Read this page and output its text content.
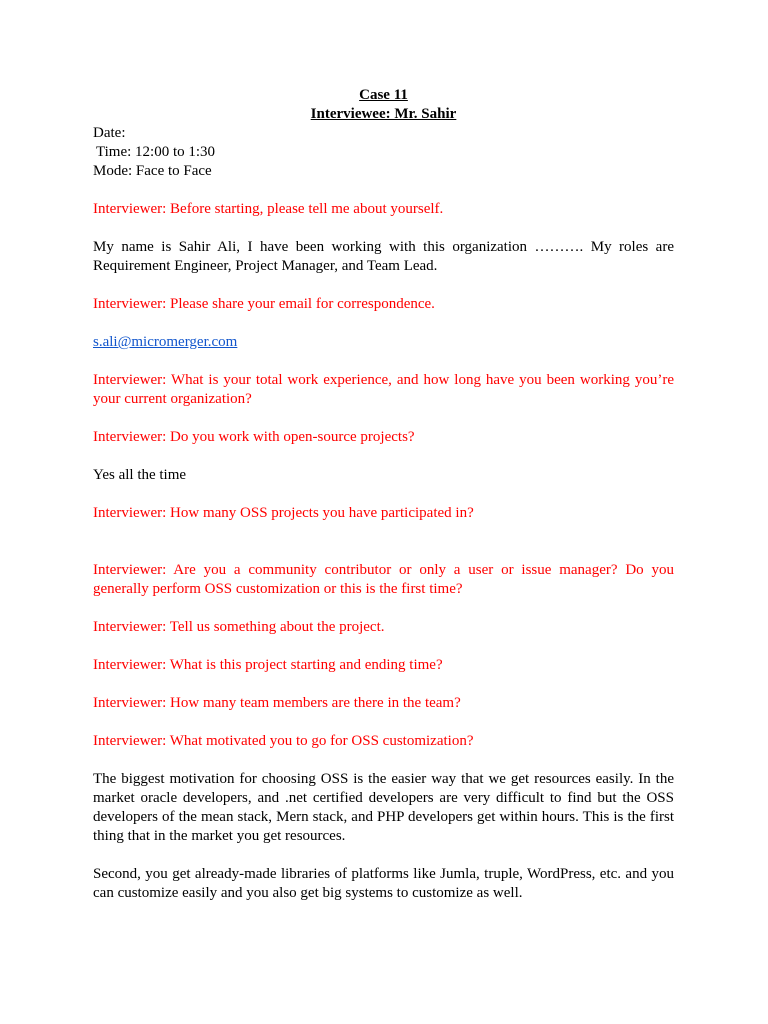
Case 11

Interviewee: Mr. Sahir

Date:

Time: 12:00 to 1:30

Mode: Face to Face

Interviewer: Before starting, please tell me about yourself.

My name is Sahir Ali, I have been working with this organization ………. My roles are Requirement Engineer, Project Manager, and Team Lead.

Interviewer: Please share your email for correspondence.

s.ali@micromerger.com

Interviewer: What is your total work experience, and how long have you been working you’re your current organization?

Interviewer: Do you work with open-source projects?

Yes all the time

Interviewer: How many OSS projects you have participated in?

Interviewer: Are you a community contributor or only a user or issue manager? Do you generally perform OSS customization or this is the first time?

Interviewer: Tell us something about the project.

Interviewer: What is this project starting and ending time?

Interviewer: How many team members are there in the team?

Interviewer: What motivated you to go for OSS customization?

The biggest motivation for choosing OSS is the easier way that we get resources easily. In the market oracle developers, and .net certified developers are very difficult to find but the OSS developers of the mean stack, Mern stack, and PHP developers get within hours. This is the first thing that in the market you get resources.

Second, you get already-made libraries of platforms like Jumla, truple, WordPress, etc. and you can customize easily and you also get big systems to customize as well.
